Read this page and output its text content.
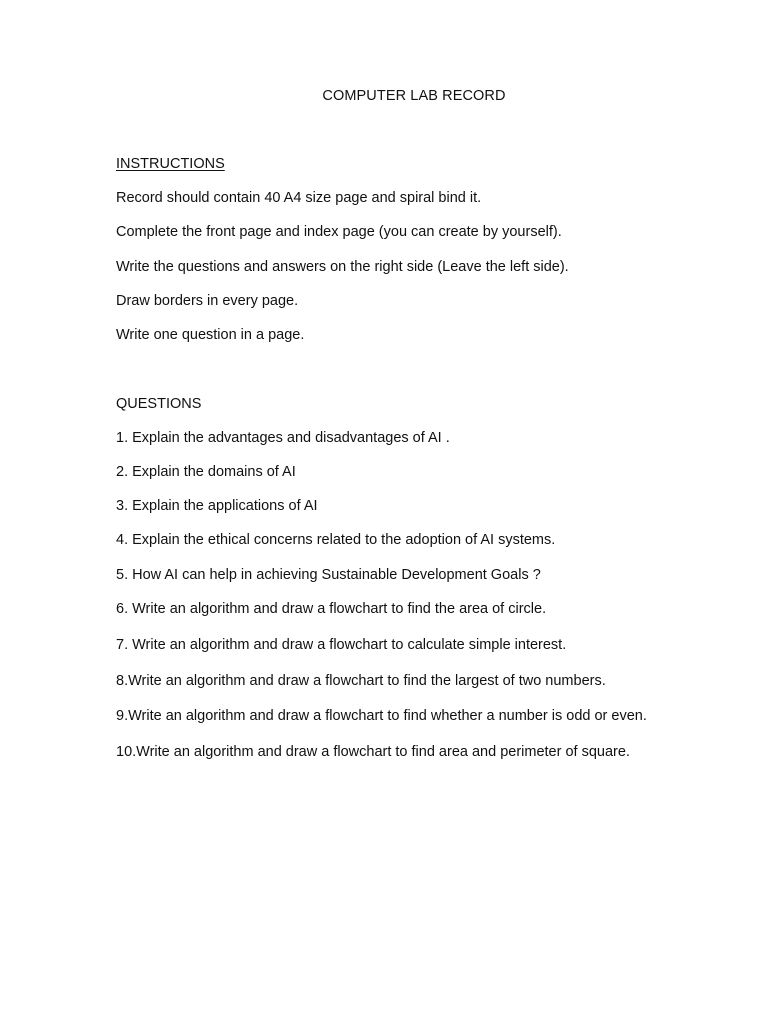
COMPUTER LAB RECORD
INSTRUCTIONS
Record should contain 40 A4 size page and spiral bind it.
Complete the front page and index page (you can create by yourself).
Write the questions and answers on the right side (Leave the left side).
Draw borders in every page.
Write one question in a page.
QUESTIONS
1. Explain the advantages and disadvantages of AI .
2. Explain the domains of AI
3. Explain the applications of AI
4. Explain the ethical concerns related to the adoption of AI systems.
5. How AI can help in achieving Sustainable Development Goals ?
6. Write an algorithm and draw a flowchart to find the area of circle.
7. Write an algorithm and draw a flowchart to calculate simple interest.
8.Write an algorithm and draw a flowchart to find the largest of two numbers.
9.Write an algorithm and draw a flowchart to find whether a number is odd or even.
10.Write an algorithm and draw a flowchart to find area and perimeter of square.
